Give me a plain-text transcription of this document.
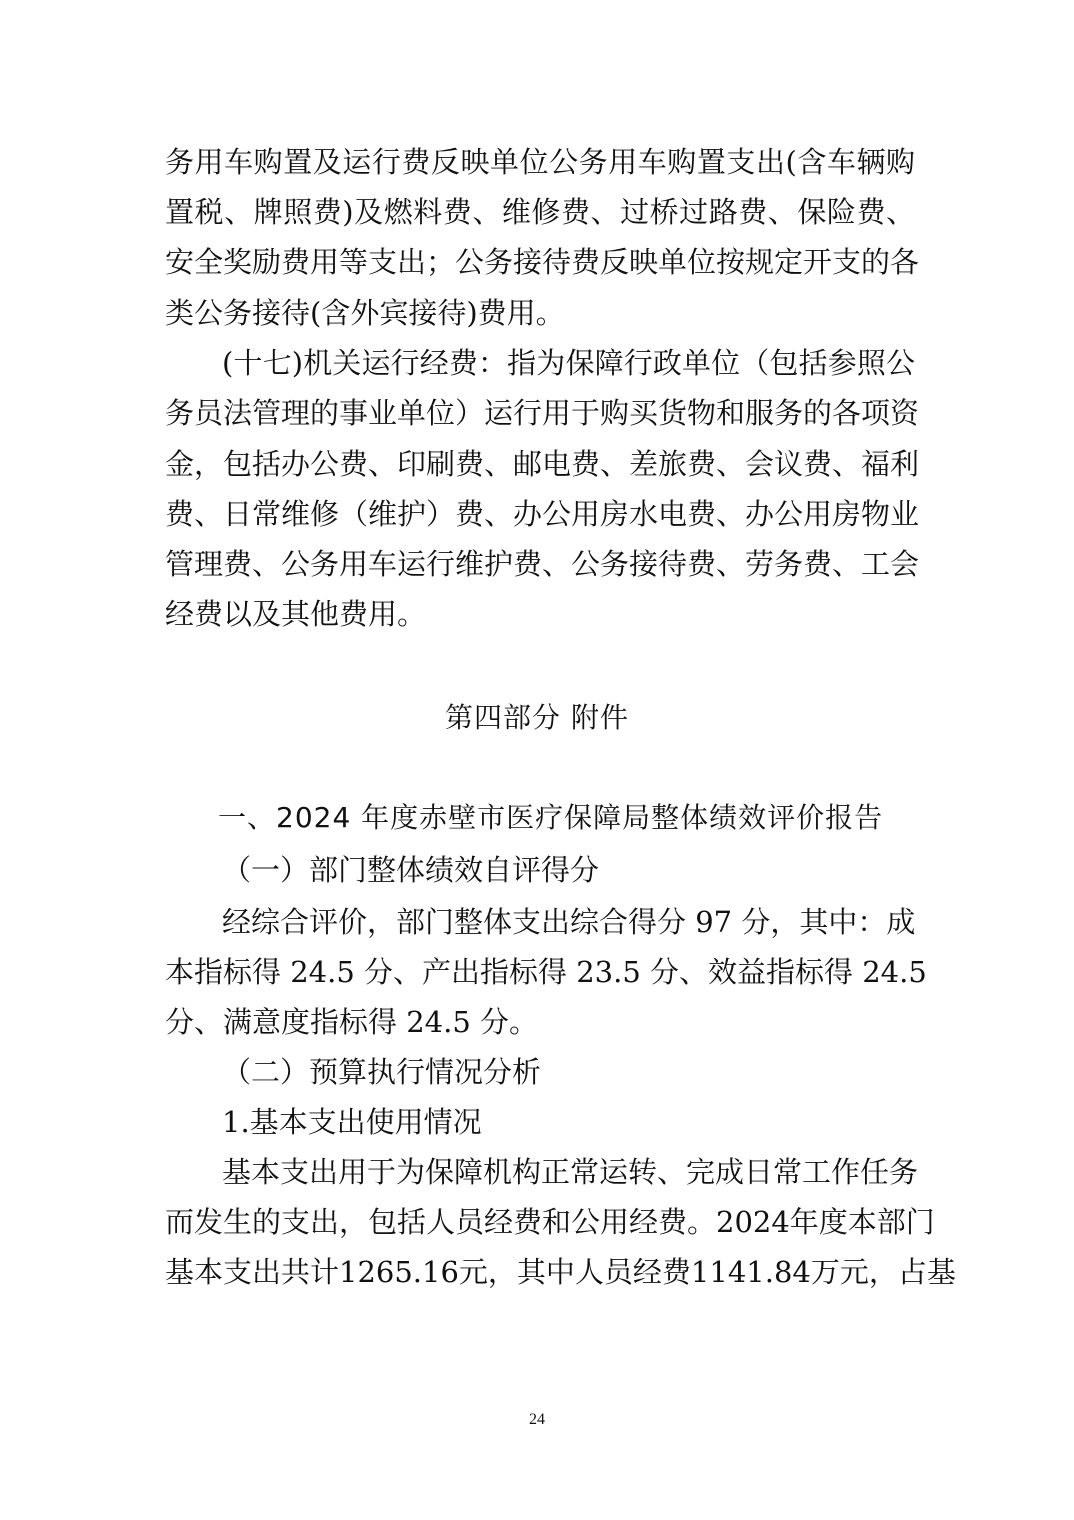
务用车购置及运行费反映单位公务用车购置支出(含车辆购
置税、牌照费)及燃料费、维修费、过桥过路费、保险费、
安全奖励费用等支出；公务接待费反映单位按规定开支的各
类公务接待(含外宾接待)费用。
(十七)机关运行经费：指为保障行政单位（包括参照公
务员法管理的事业单位）运行用于购买货物和服务的各项资
金，包括办公费、印刷费、邮电费、差旅费、会议费、福利
费、日常维修（维护）费、办公用房水电费、办公用房物业
管理费、公务用车运行维护费、公务接待费、劳务费、工会
经费以及其他费用。
第四部分 附件
一、2024 年度赤壁市医疗保障局整体绩效评价报告
（一）部门整体绩效自评得分
经综合评价，部门整体支出综合得分 97 分，其中：成
本指标得 24.5 分、产出指标得 23.5 分、效益指标得 24.5
分、满意度指标得 24.5 分。
（二）预算执行情况分析
1.基本支出使用情况
基本支出用于为保障机构正常运转、完成日常工作任务
而发生的支出，包括人员经费和公用经费。2024年度本部门
基本支出共计1265.16元，其中人员经费1141.84万元，占基
24
